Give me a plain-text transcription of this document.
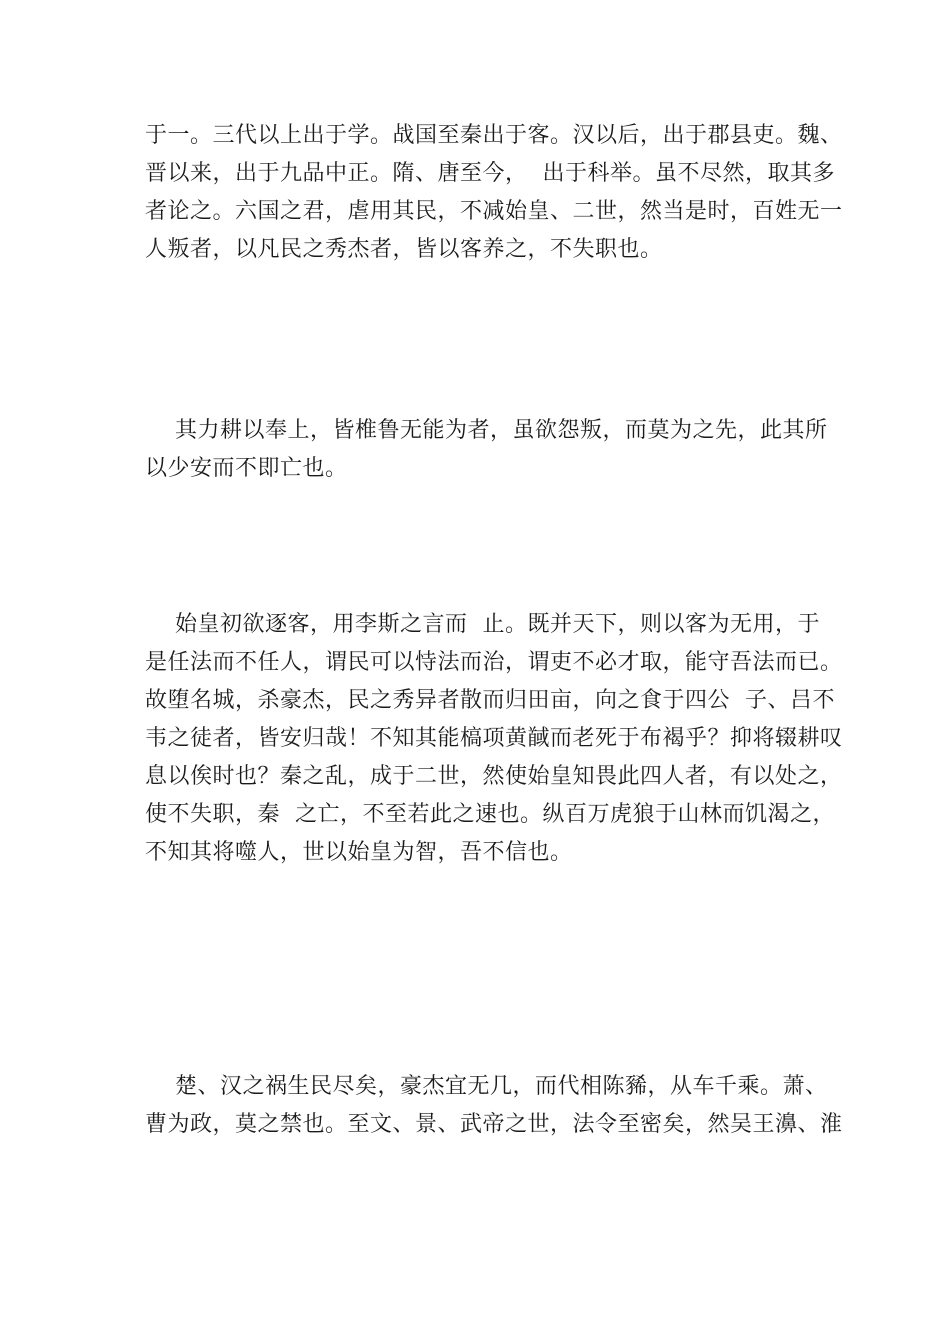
于一。三代以上出于学。战国至秦出于客。汉以后，出于郡县吏。魏、
晋以来，出于九品中正。隋、唐至今，  出于科举。虽不尽然，取其多
者论之。六国之君，虐用其民，不减始皇、二世，然当是时，百姓无一
人叛者，以凡民之秀杰者，皆以客养之，不失职也。
其力耕以奉上，皆椎鲁无能为者，虽欲怨叛，而莫为之先，此其所
以少安而不即亡也。
始皇初欲逐客，用李斯之言而  止。既并天下，则以客为无用，于
是任法而不任人，谓民可以恃法而治，谓吏不必才取，能守吾法而已。
故堕名城，杀豪杰，民之秀异者散而归田亩，向之食于四公  子、吕不
韦之徒者，皆安归哉！不知其能槁项黄馘而老死于布褐乎？抑将辍耕叹
息以俟时也？秦之乱，成于二世，然使始皇知畏此四人者，有以处之，
使不失职，秦  之亡，不至若此之速也。纵百万虎狼于山林而饥渴之，
不知其将噬人，世以始皇为智，吾不信也。
楚、汉之祸生民尽矣，豪杰宜无几，而代相陈豨，从车千乘。萧、
曹为政，莫之禁也。至文、景、武帝之世，法令至密矣，然吴王濞、淮
